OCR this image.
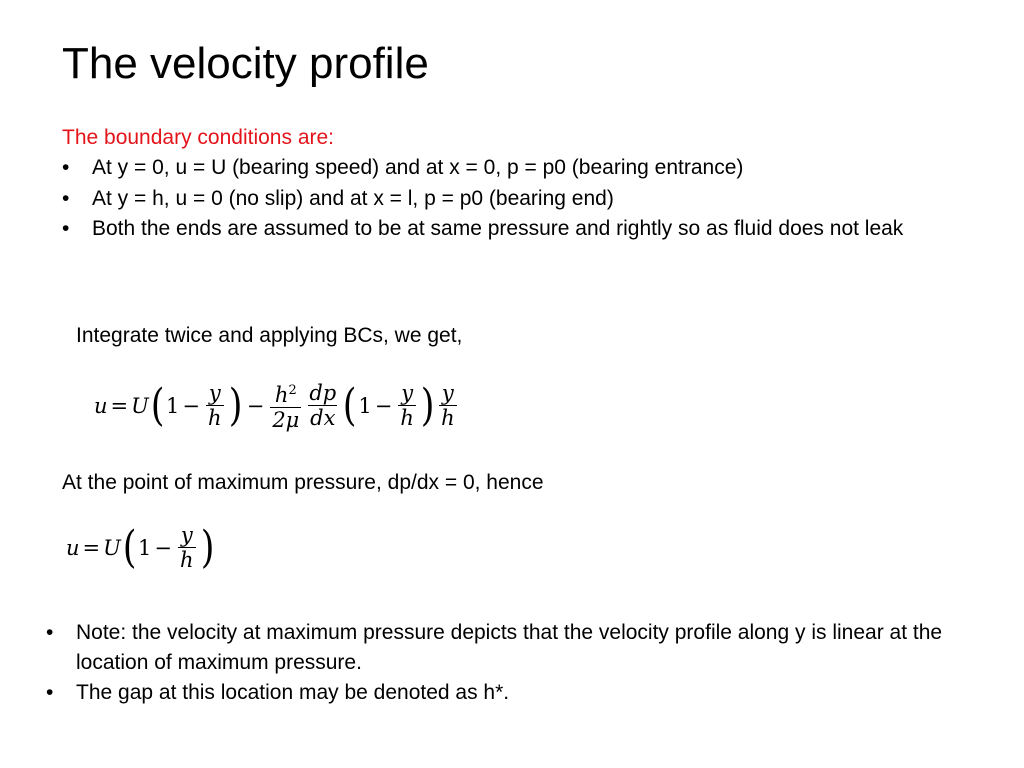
The velocity profile
The boundary conditions are:
• At y = 0, u = U (bearing speed) and at x = 0, p = p0 (bearing entrance)
• At y = h, u = 0 (no slip) and at x = l, p = p0 (bearing end)
• Both the ends are assumed to be at same pressure and rightly so as fluid does not leak
Integrate twice and applying BCs, we get,
u = U ( $1 - \frac{y}{h}$ ) − $\frac{h^2}{2\mu} \frac{dp}{dx}$ ( $1 - \frac{y}{h}$ ) $\frac{y}{h}$
At the point of maximum pressure, dp/dx = 0, hence
u = U ( $1 - \frac{y}{h}$ )
• Note: the velocity at maximum pressure depicts that the velocity profile along y is linear at the location of maximum pressure.
• The gap at this location may be denoted as h*.
